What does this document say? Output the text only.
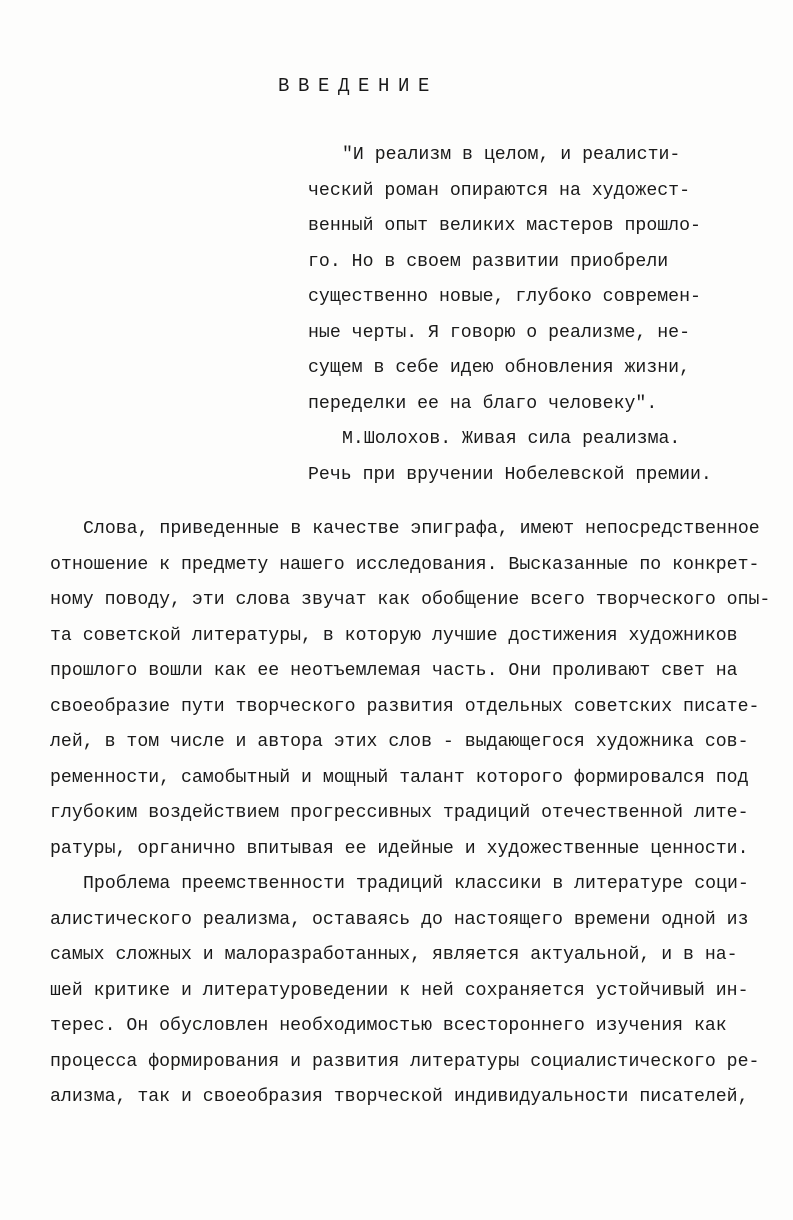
ВВЕДЕНИЕ
"И реализм в целом, и реалисти-
ческий роман опираются на художест-
венный опыт великих мастеров прошло-
го. Но в своем развитии приобрели
существенно новые, глубоко современ-
ные черты. Я говорю о реализме, не-
сущем в себе идею обновления жизни,
переделки ее на благо человеку".
М.Шолохов. Живая сила реализма.
Речь при вручении Нобелевской премии.
Слова, приведенные в качестве эпиграфа, имеют непосредственное
отношение к предмету нашего исследования. Высказанные по конкрет-
ному поводу, эти слова звучат как обобщение всего творческого опы-
та советской литературы, в которую лучшие достижения художников
прошлого вошли как ее неотъемлемая часть. Они проливают свет на
своеобразие пути творческого развития отдельных советских писате-
лей, в том числе и автора этих слов - выдающегося художника сов-
ременности, самобытный и мощный талант которого формировался под
глубоким воздействием прогрессивных традиций отечественной лите-
ратуры, органично впитывая ее идейные и художественные ценности.
Проблема преемственности традиций классики в литературе соци-
алистического реализма, оставаясь до настоящего времени одной из
самых сложных и малоразработанных, является актуальной, и в на-
шей критике и литературоведении к ней сохраняется устойчивый ин-
терес. Он обусловлен необходимостью всестороннего изучения как
процесса формирования и развития литературы социалистического ре-
ализма, так и своеобразия творческой индивидуальности писателей,
